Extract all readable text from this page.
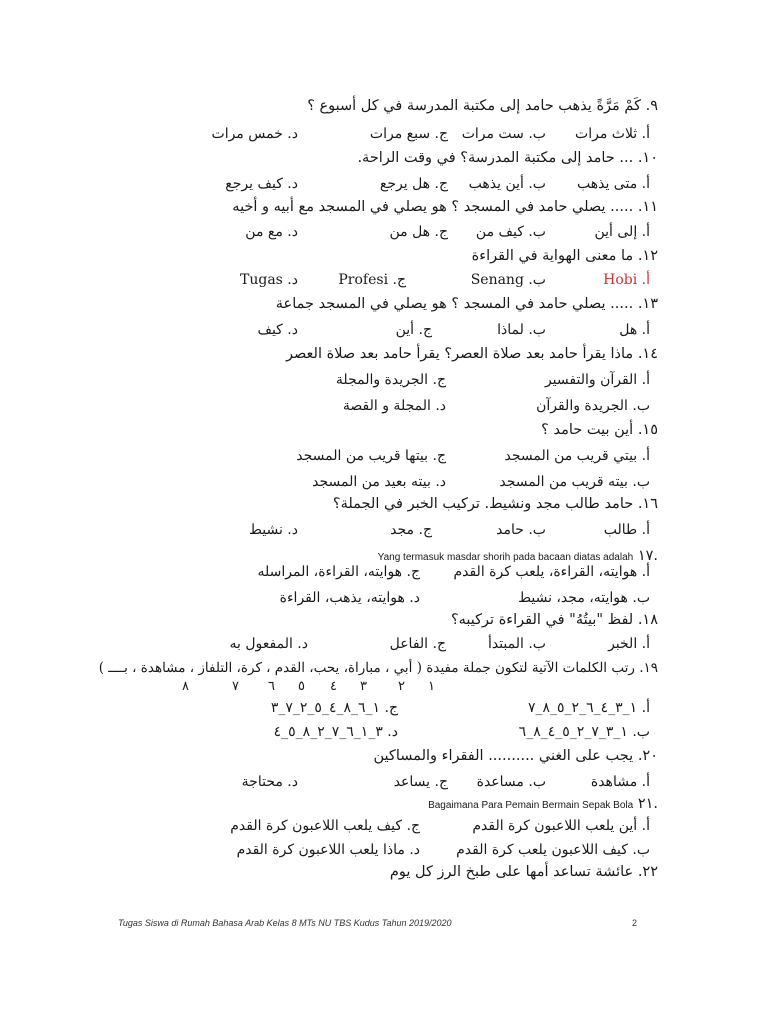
٩. كَمْ مَرَّةً يذهب حامد إلى مكتبة المدرسة في كل أسبوع ؟
أ. ثلاث مرات
ب. ست مرات
ج. سبع مرات
د. خمس مرات
١٠. ... حامد إلى مكتبة المدرسة؟ في وقت الراحة.
أ. متى يذهب
ب. أين يذهب
ج. هل يرجع
د. كيف يرجع
١١. ..... يصلي حامد في المسجد ؟ هو يصلي في المسجد مع أبيه و أخيه
أ. إلى أين
ب. كيف من
ج. هل من
د. مع من
١٢. ما معنى الهواية في القراءة
أ. Hobi
ب. Senang
ج. Profesi
د. Tugas
١٣. ..... يصلي حامد في المسجد ؟ هو يصلي في المسجد جماعة
أ. هل
ب. لماذا
ج. أين
د. كيف
١٤. ماذا يقرأ حامد بعد صلاة العصر؟ يقرأ حامد بعد صلاة العصر
أ. القرآن والتفسير
ج. الجريدة والمجلة
ب. الجريدة والقرآن
د. المجلة و القصة
١٥. أين بيت حامد ؟
أ. بيتي قريب من المسجد
ج. بيتها قريب من المسجد
ب. بيته قريب من المسجد
د. بيته بعيد من المسجد
١٦. حامد طالب مجد ونشيط. تركيب الخبر في الجملة؟
أ. طالب
ب. حامد
ج. مجد
د. نشيط
.١٧ Yang termasuk masdar shorih pada bacaan diatas adalah
أ. هوايته، القراءة، يلعب كرة القدم
ج. هوايته، القراءة، المراسله
ب. هوايته، مجد، نشيط
د. هوايته، يذهب، القراءة
١٨. لفظ "بيتُهُ" في القراءة تركيبه؟
أ. الخبر
ب. المبتدأ
ج. الفاعل
د. المفعول به
١٩. رتب الكلمات الآتية لتكون جملة مفيدة ( أبي ، مباراة، يحب، القدم ، كرة، التلفاز ، مشاهدة ، بــــ )
٨	٧ ٦ ٥ ٤ ٣ ٢ ١
أ. ١_٣_٤_٦_٢_٥_٨_٧
ج. ١_٦_٨_٤_٥_٢_٧_٣
ب. ١_٣_٧_٢_٥_٤_٨_٦
د. ٣_١_٦_٧_٢_٨_٥_٤
٢٠. يجب على الغني .......... الفقراء والمساكين
أ. مشاهدة
ب. مساعدة
ج. يساعد
د. محتاجة
.٢١ Bagaimana Para Pemain Bermain Sepak Bola
أ. أين يلعب اللاعبون كرة القدم
ج. كيف يلعب اللاعبون كرة القدم
ب. كيف اللاعبون يلعب كرة القدم
د. ماذا يلعب اللاعبون كرة القدم
٢٢. عائشة تساعد أمها على طبخ الرز كل يوم
Tugas Siswa di Rumah Bahasa Arab Kelas 8 MTs NU TBS Kudus Tahun 2019/2020	2
